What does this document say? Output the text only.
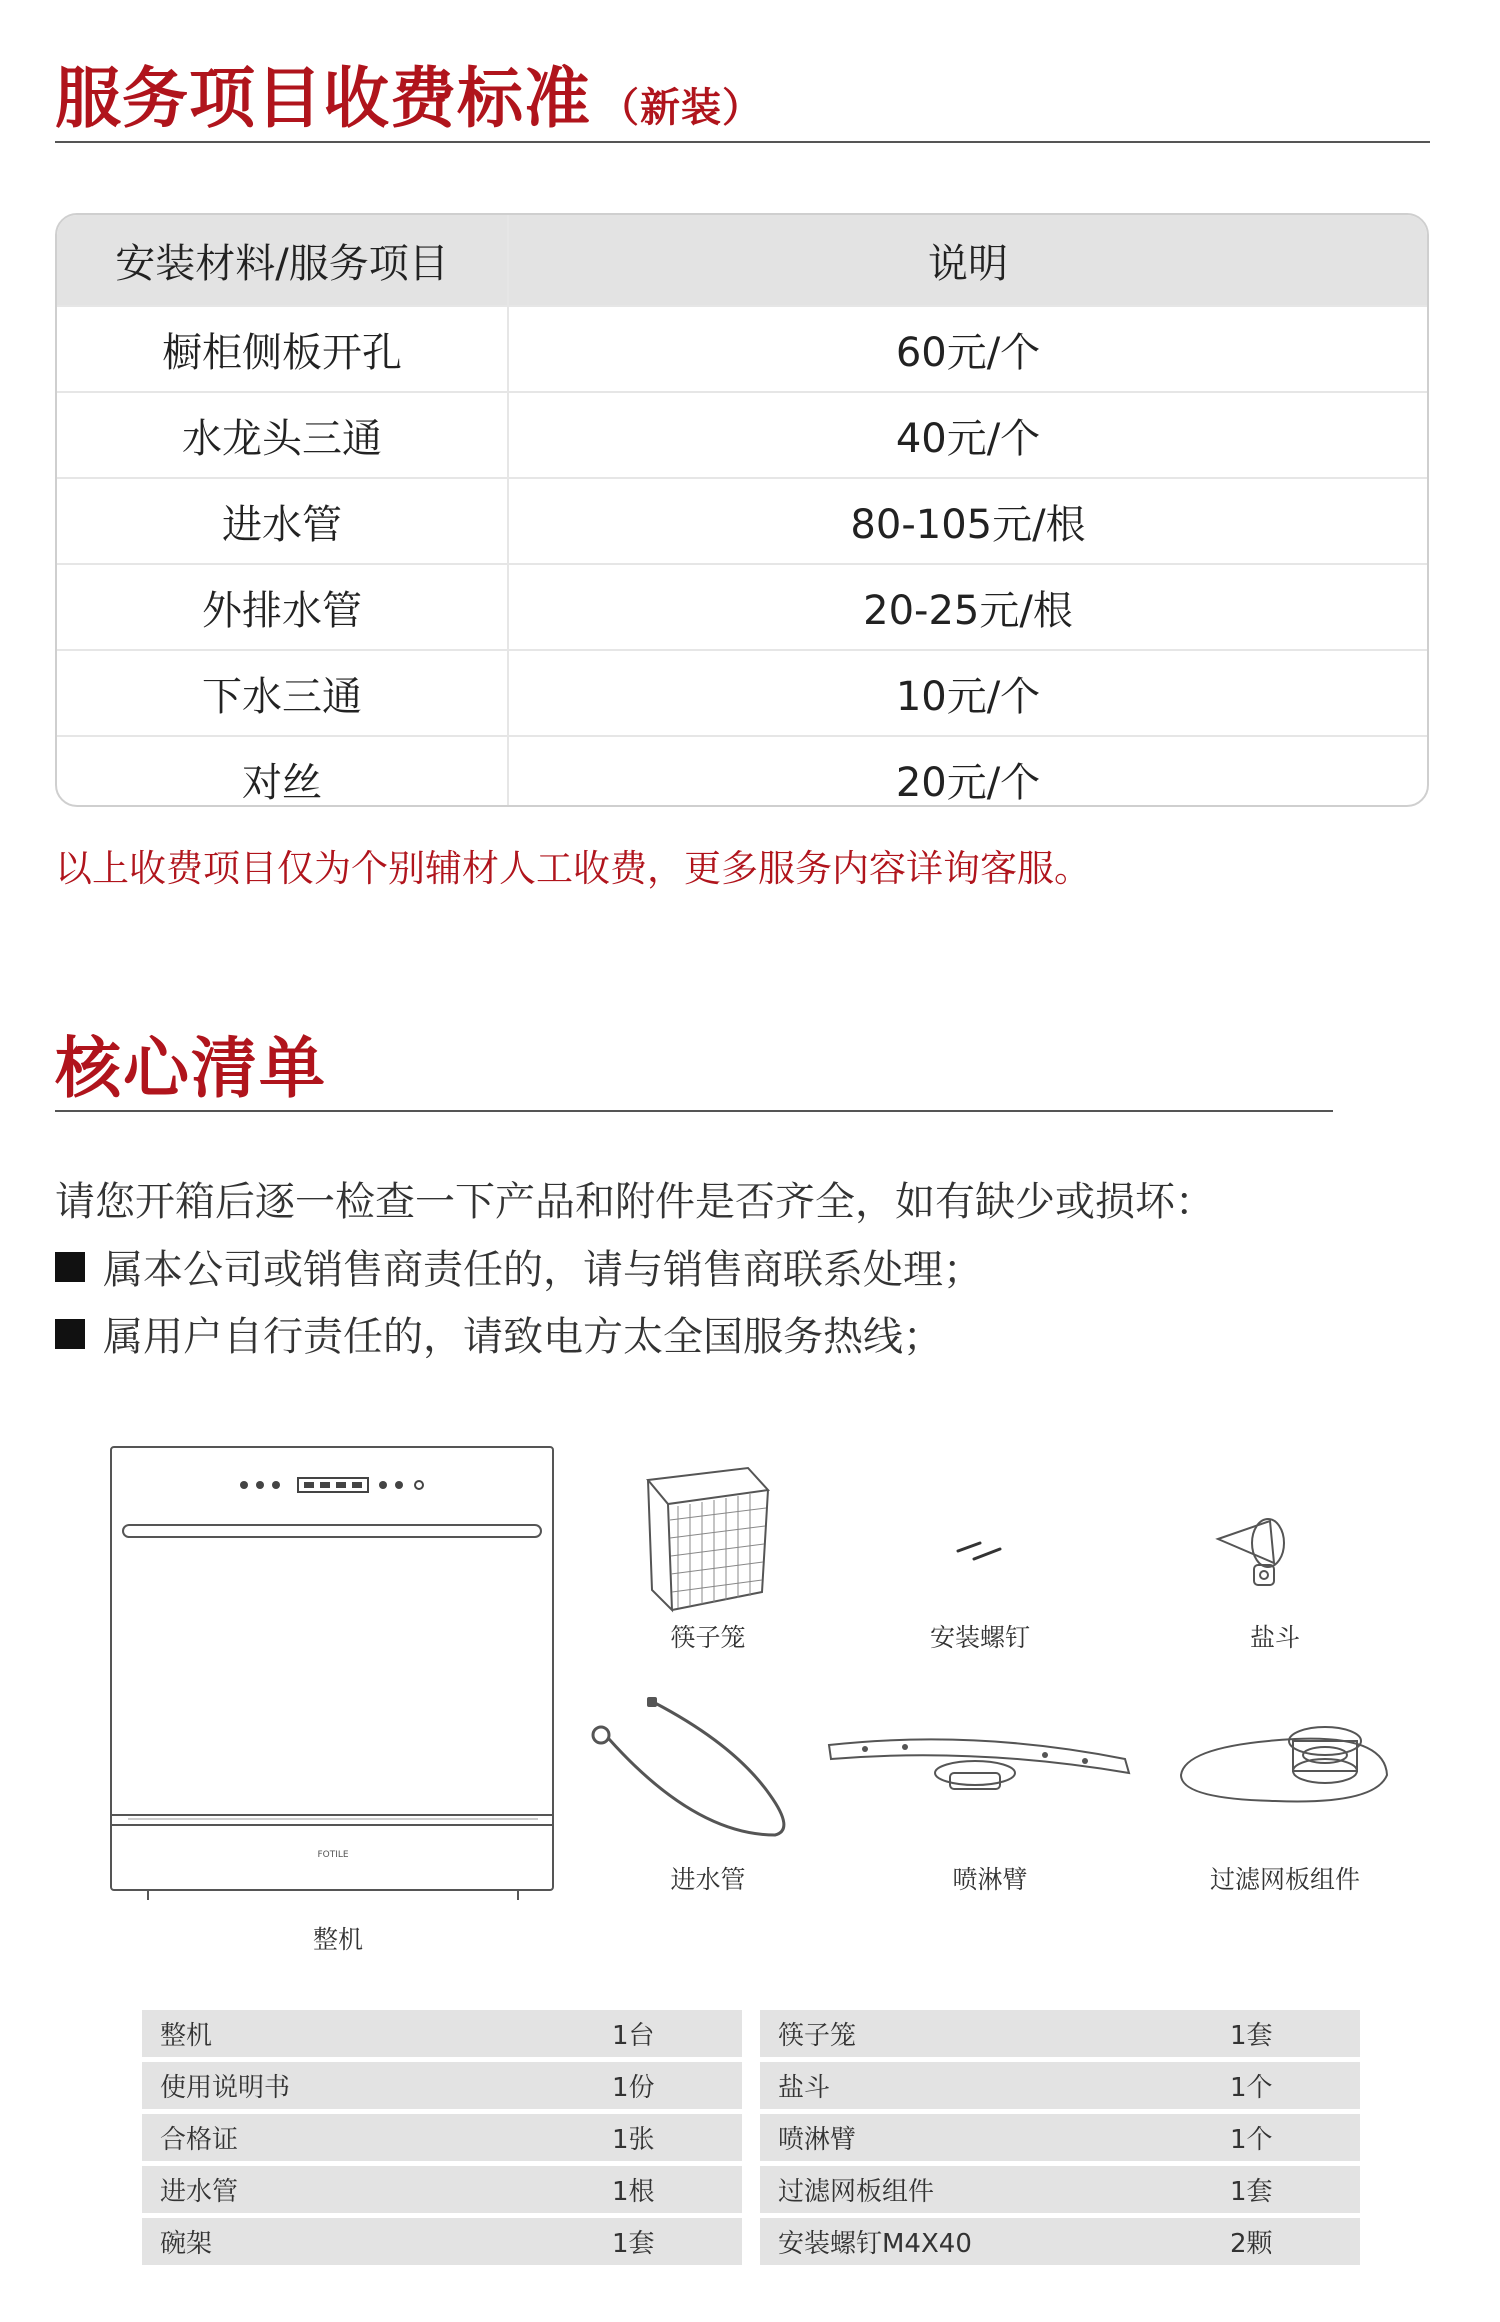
服务项目收费标准 （新装）
安装材料/服务项目	说明
橱柜侧板开孔	60元/个
水龙头三通	40元/个
进水管	80-105元/根
外排水管	20-25元/根
下水三通	10元/个
对丝	20元/个
以上收费项目仅为个别辅材人工收费，更多服务内容详询客服。
核心清单
请您开箱后逐一检查一下产品和附件是否齐全，如有缺少或损坏：
属本公司或销售商责任的，请与销售商联系处理；
属用户自行责任的，请致电方太全国服务热线；
FOTILE
整机
筷子笼	安装螺钉	盐斗
进水管	喷淋臂	过滤网板组件
整机	1台
使用说明书	1份
合格证	1张
进水管	1根
碗架	1套
筷子笼	1套
盐斗	1个
喷淋臂	1个
过滤网板组件	1套
安装螺钉M4X40	2颗
